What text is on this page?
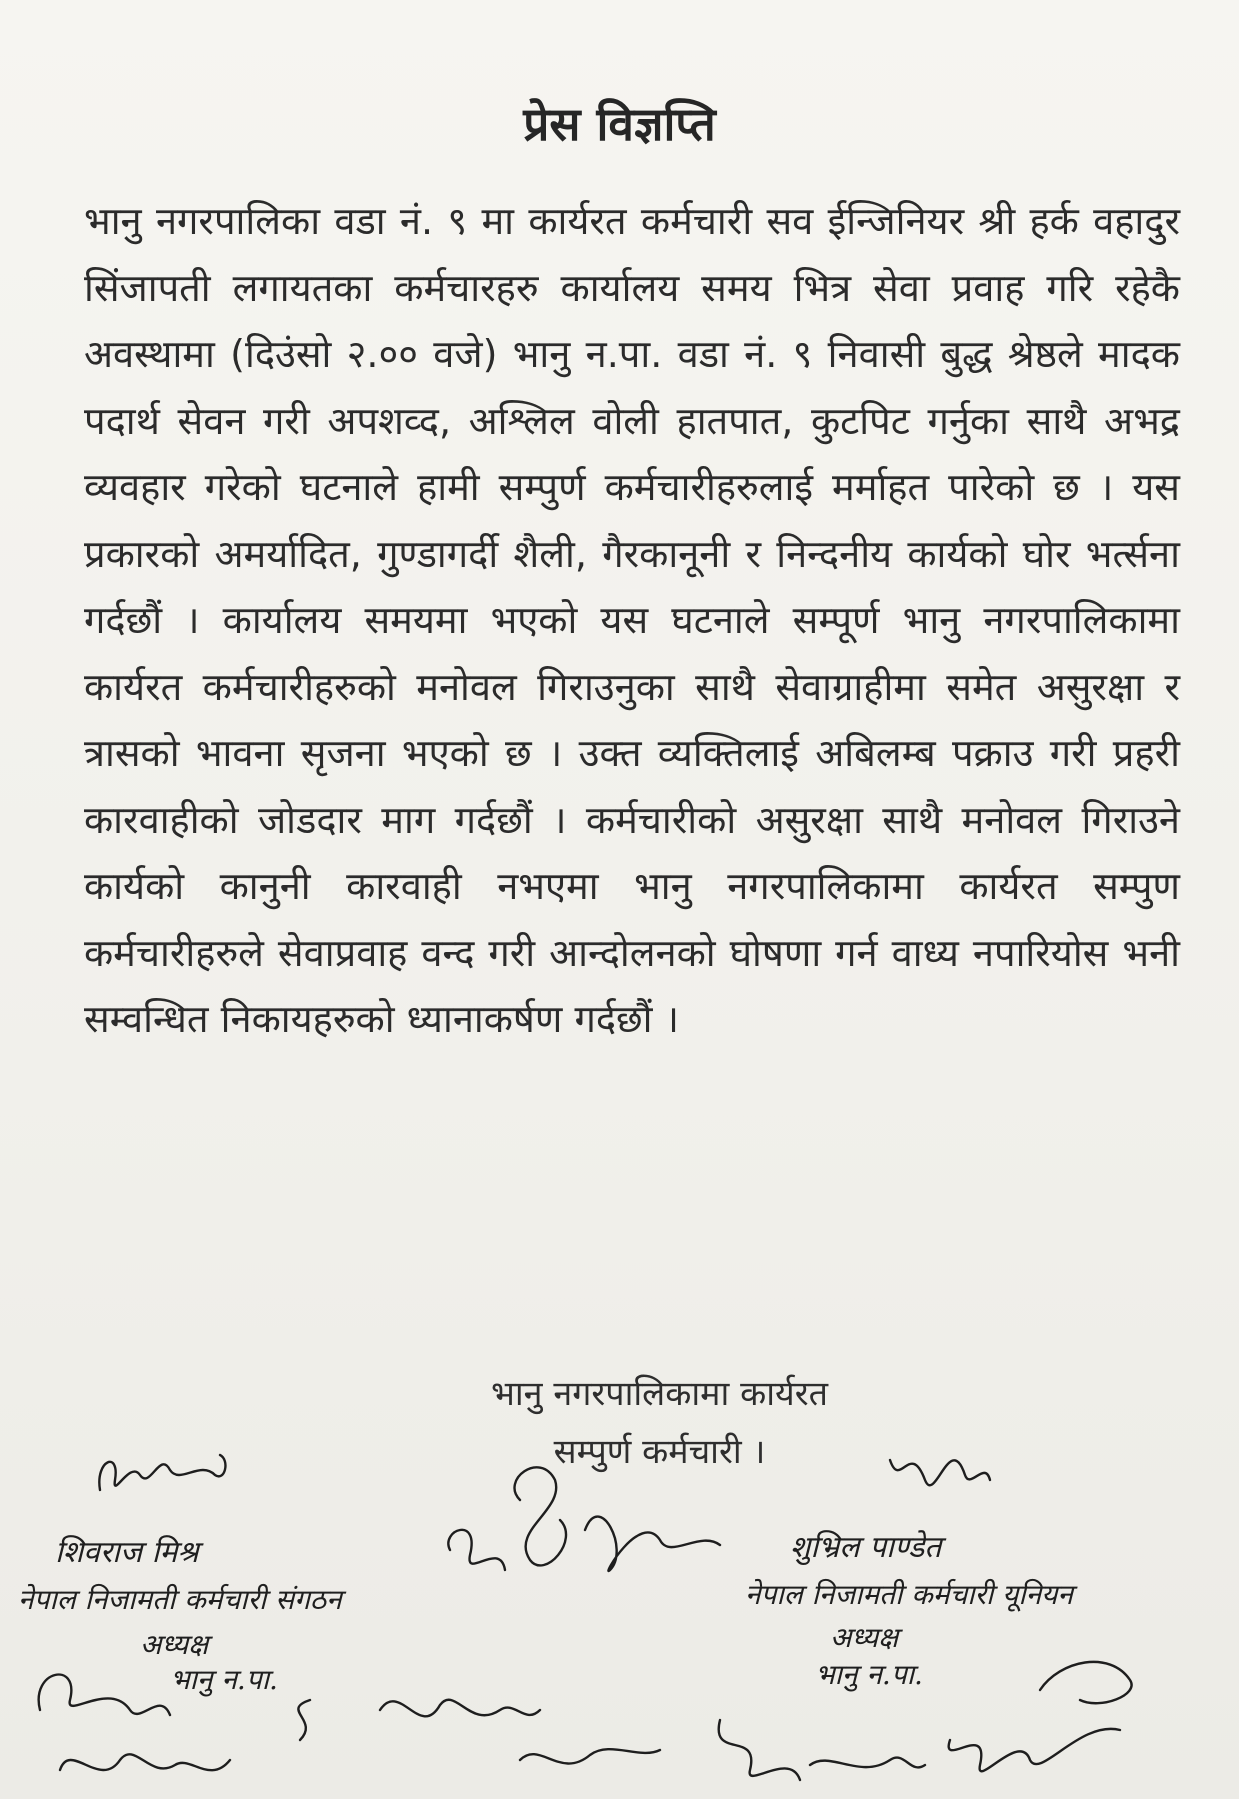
प्रेस विज्ञप्ति
भानु नगरपालिका वडा नं. ९ मा कार्यरत कर्मचारी सव ईन्जिनियर श्री हर्क वहादुर सिंजापती लगायतका कर्मचारहरु कार्यालय समय भित्र सेवा प्रवाह गरि रहेकै अवस्थामा (दिउंसो २.०० वजे) भानु न.पा. वडा नं. ९ निवासी बुद्ध श्रेष्ठले मादक पदार्थ सेवन गरी अपशव्द, अश्लिल वोली हातपात, कुटपिट गर्नुका साथै अभद्र व्यवहार गरेको घटनाले हामी सम्पुर्ण कर्मचारीहरुलाई मर्माहत पारेको छ । यस प्रकारको अमर्यादित, गुण्डागर्दी शैली, गैरकानूनी र निन्दनीय कार्यको घोर भर्त्सना गर्दछौं । कार्यालय समयमा भएको यस घटनाले सम्पूर्ण भानु नगरपालिकामा कार्यरत कर्मचारीहरुको मनोवल गिराउनुका साथै सेवाग्राहीमा समेत असुरक्षा र त्रासको भावना सृजना भएको छ । उक्त व्यक्तिलाई अबिलम्ब पक्राउ गरी प्रहरी कारवाहीको जोडदार माग गर्दछौं । कर्मचारीको असुरक्षा साथै मनोवल गिराउने कार्यको कानुनी कारवाही नभएमा भानु नगरपालिकामा कार्यरत सम्पुण कर्मचारीहरुले सेवाप्रवाह वन्द गरी आन्दोलनको घोषणा गर्न वाध्य नपारियोस भनी सम्वन्धित निकायहरुको ध्यानाकर्षण गर्दछौं ।
भानु नगरपालिकामा कार्यरत
सम्पुर्ण कर्मचारी ।
शिवराज मिश्र
नेपाल निजामती कर्मचारी संगठन
अध्यक्ष
भानु न.पा.
शुभ्रिल पाण्डेत
नेपाल निजामती कर्मचारी यूनियन
अध्यक्ष
भानु न.पा.
